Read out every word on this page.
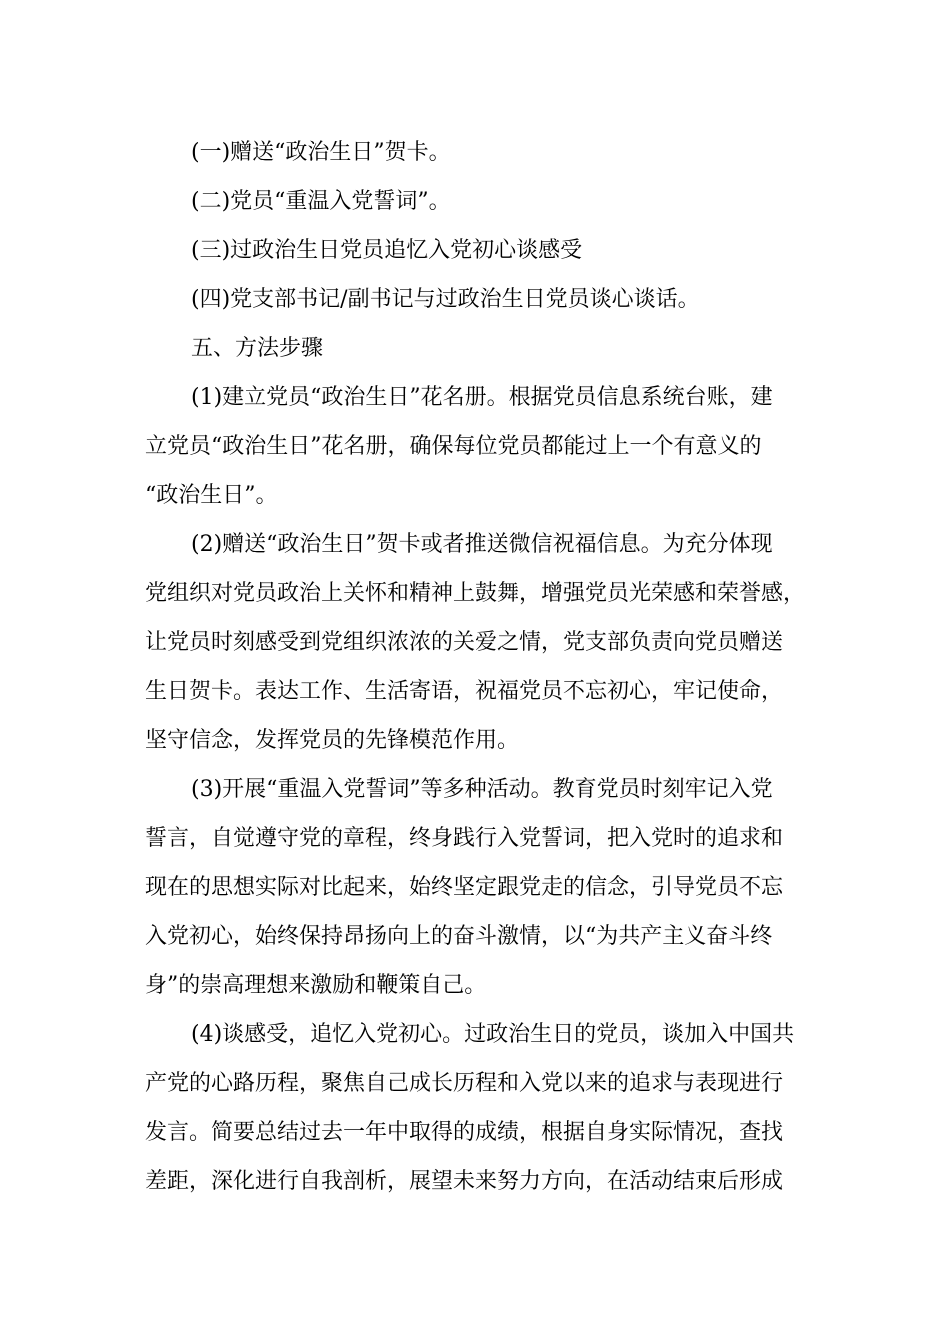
(一)赠送“政治生日”贺卡。

(二)党员“重温入党誓词”。

(三)过政治生日党员追忆入党初心谈感受

(四)党支部书记/副书记与过政治生日党员谈心谈话。

五、方法步骤

(1)建立党员“政治生日”花名册。根据党员信息系统台账，建
立党员“政治生日”花名册，确保每位党员都能过上一个有意义的
“政治生日”。

(2)赠送“政治生日”贺卡或者推送微信祝福信息。为充分体现
党组织对党员政治上关怀和精神上鼓舞，增强党员光荣感和荣誉感，
让党员时刻感受到党组织浓浓的关爱之情，党支部负责向党员赠送
生日贺卡。表达工作、生活寄语，祝福党员不忘初心，牢记使命，
坚守信念，发挥党员的先锋模范作用。

(3)开展“重温入党誓词”等多种活动。教育党员时刻牢记入党
誓言，自觉遵守党的章程，终身践行入党誓词，把入党时的追求和
现在的思想实际对比起来，始终坚定跟党走的信念，引导党员不忘
入党初心，始终保持昂扬向上的奋斗激情，以“为共产主义奋斗终
身”的崇高理想来激励和鞭策自己。

(4)谈感受，追忆入党初心。过政治生日的党员，谈加入中国共
产党的心路历程，聚焦自己成长历程和入党以来的追求与表现进行
发言。简要总结过去一年中取得的成绩，根据自身实际情况，查找
差距，深化进行自我剖析，展望未来努力方向，在活动结束后形成
